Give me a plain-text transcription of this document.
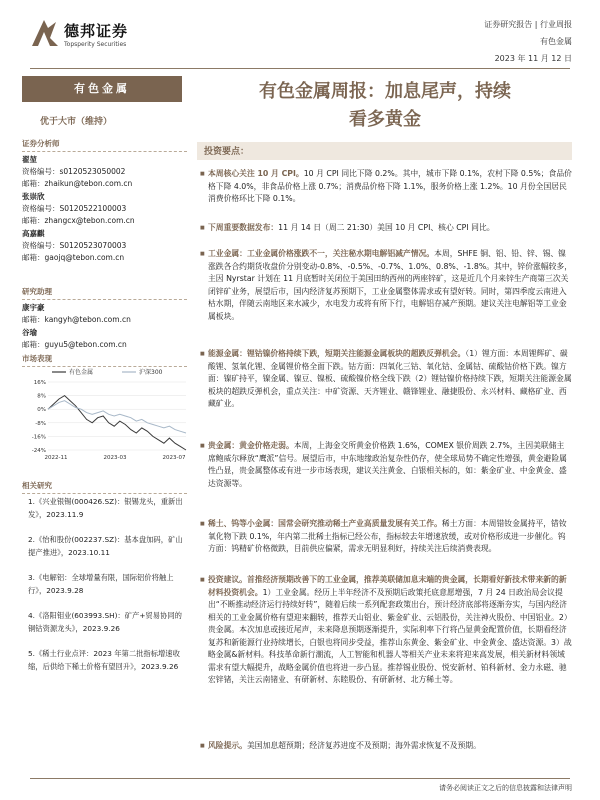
德邦证券
Topsperity Securities
证券研究报告 | 行业周报
有色金属
2023 年 11 月 12 日
有色金属
优于大市（维持）
证券分析师
翟堃
资格编号：s0120523050002
邮箱：zhaikun@tebon.com.cn
张崇欣
资格编号：S0120522100003
邮箱：zhangcx@tebon.com.cn
高嘉麒
资格编号：S0120523070003
邮箱：gaojq@tebon.com.cn
研究助理
康宇豪
邮箱：kangyh@tebon.com.cn
谷瑜
邮箱：guyu5@tebon.com.cn
市场表现
16%
8%
0%
-8%
-16%
-24%
2022-11	2023-03	2023-07
有色金属	沪深300
相关研究
1.《兴业银锡(000426.SZ)：银锡龙头，重新出发》，2023.11.9
2.《怡和股份(002237.SZ)：基本盘加码，矿山提产推进》，2023.10.11
3.《电解铝：全球增量有限，国际铝价将触上行》，2023.9.28
4.《洛阳钼业(603993.SH)：矿产+贸易协同的铜钴资源龙头》，2023.9.26
5.《稀土行业点评：2023 年第二批指标增速收缩，后供给下稀土价格有望回升》，2023.9.26
有色金属周报：加息尾声，持续
看多黄金
投资要点：
■ 本周核心关注 10 月 CPI。10 月 CPI 同比下降 0.2%。其中，城市下降 0.1%，农村下降 0.5%；食品价格下降 4.0%，非食品价格上涨 0.7%；消费品价格下降 1.1%，服务价格上涨 1.2%。10 月份全国居民消费价格环比下降 0.1%。
■ 下周重要数据发布：11 月 14 日（周二 21:30）美国 10 月 CPI、核心 CPI 同比。
■ 工业金属：工业金属价格涨跌不一，关注秘水期电解铝减产情况。本周，SHFE 铜、铝、铅、锌、锡、镍涨跌各合约期货收盘价分别变动-0.8%、-0.5%、-0.7%、1.0%、0.8%、-1.8%。其中，锌价涨幅较多，主因 Nyrstar 计划在 11 月底暂时关闭位于美国田纳西州的两座锌矿，这是近几个月来锌生产商第三次关闭锌矿业务，展望后市，国内经济复苏预期下，工业金属整体需求或有望好转。同时，第四季度云南进入枯水期，伴随云南地区来水减少，水电发力或将有所下行，电解铝存减产预期。建议关注电解铝等工业金属板块。
■ 能源金属：锂钴镍价格持续下跌，短期关注能源金属板块的超跌反弹机会。（1）锂方面：本周锂辉矿、碳酸锂、氢氧化锂、金属锂价格全面下跌。钴方面：四氧化三钴、氧化钴、金属钴、硫酸钴价格下跌。镍方面：镍矿持平，镍金属、镍豆、镍板、硫酸镍价格全线下跌（2）锂钴镍价格持续下跌，短期关注能源金属板块的超跌反弹机会，重点关注：中矿资源、天齐锂业、赣锋锂业、融捷股份、永兴材料、藏格矿业、西藏矿业。
■ 贵金属：黄金价格走弱。本周，上海金交所黄金价格跌 1.6%，COMEX 银价周跌 2.7%，主因美联储主席鲍威尔释放“鹰派”信号。展望后市，中东地缘政治复杂性仍存，使全球局势不确定性增强，黄金避险属性凸显，贵金属整体或有进一步市场表现，建议关注黄金、白银相关标的，如：紫金矿业、中金黄金、盛达资源等。
■ 稀土、钨等小金属：国常会研究推动稀土产业高质量发展有关工作。稀土方面：本周错钕金属持平，错钕氧化物下跌 0.1%，年内第二批稀土指标已经公布，指标较去年增速放缓，或对价格形成进一步催化。钨方面：钨精矿价格微跌，目前供应偏紧，需求无明显利好，持续关注后续消费表现。
■ 投资建议。首推经济预期改善下的工业金属，推荐美联储加息末端的贵金属，长期看好新技术带来新的新材料投资机会。1）工业金属。经历上半年经济不及预期后政策托底意愿增强，7 月 24 日政治局会议提出“不断推动经济运行持续好转”，随着后续一系列配套政策出台，预计经济底部将逐渐夯实，与国内经济相关的工业金属价格有望迎来翻转，推荐天山铝业、紫金矿业、云铝股份，关注神火股份、中国铝业。2）贵金属。本次加息或接近尾声，未来降息预期逐渐提升，实际利率下行将凸显黄金配置价值，长期看经济复苏和新能源行业持续增长，白银也将同步受益，推荐山东黄金、紫金矿业、中金黄金、盛达资源。3）战略金属&新材料。科技革命新行潮流，人工智能和机器人等相关产业未来将迎来高发展，相关新材料领域需求有望大幅提升，战略金属价值也将进一步凸显。推荐锡业股份、悦安新材、铂科新材、金力永磁、驰宏锌锗，关注云南锗业、有研新材、东睦股份、有研新材、北方稀土等。
■ 风险提示。美国加息超预期；经济复苏进度不及预期；海外需求恢复不及预期。
请务必阅读正文之后的信息披露和法律声明
